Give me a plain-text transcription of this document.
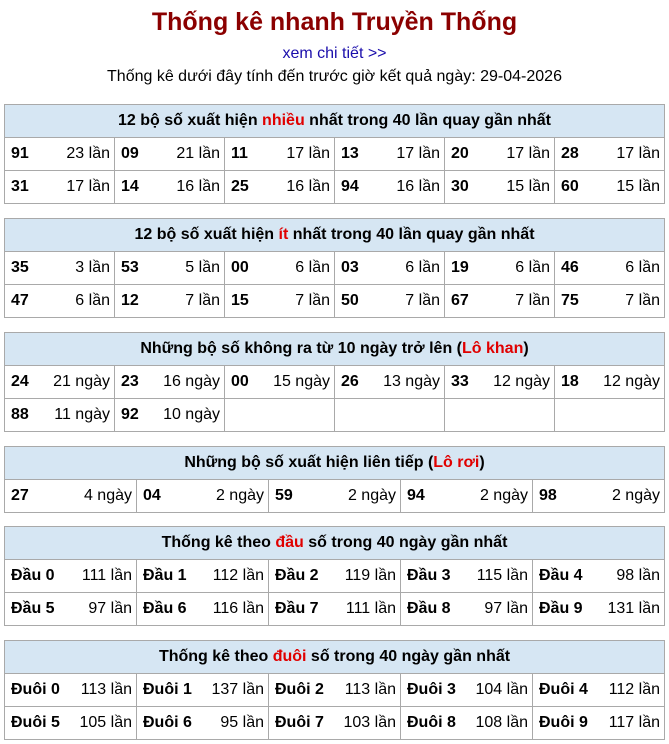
Thống kê nhanh Truyền Thống
xem chi tiết >>
Thống kê dưới đây tính đến trước giờ kết quả ngày: 29-04-2026
12 bộ số xuất hiện nhiều nhất trong 40 lần quay gần nhất					

91 23 lần	09 21 lần	11 17 lần	13 17 lần	20 17 lần	28 17 lần

31 17 lần	14 16 lần	25 16 lần	94 16 lần	30 15 lần	60 15 lần
12 bộ số xuất hiện ít nhất trong 40 lần quay gần nhất					

35 3 lần	53 5 lần	00 6 lần	03 6 lần	19 6 lần	46 6 lần

47 6 lần	12 7 lần	15 7 lần	50 7 lần	67 7 lần	75 7 lần
Những bộ số không ra từ 10 ngày trở lên (Lô khan)					

24 21 ngày	23 16 ngày	00 15 ngày	26 13 ngày	33 12 ngày	18 12 ngày

88 11 ngày	92 10 ngày				

Những bộ số xuất hiện liên tiếp (Lô rơi)

27	4 ngày	04	2 ngày	59	2 ngày	94	2 ngày	98	2 ngày
Thống kê theo đầu số trong 40 ngày gần nhất				

Đầu 0 111 lần	Đầu 1 112 lần	Đầu 2 119 lần	Đầu 3 115 lần	Đầu 4 98 lần

Đầu 5 97 lần	Đầu 6 116 lần	Đầu 7 111 lần	Đầu 8 97 lần	Đầu 9 131 lần
Thống kê theo đuôi số trong 40 ngày gần nhất				

Đuôi 0 113 lần	Đuôi 1 137 lần	Đuôi 2 113 lần	Đuôi 3 104 lần	Đuôi 4 112 lần

Đuôi 5 105 lần	Đuôi 6 95 lần	Đuôi 7 103 lần	Đuôi 8 108 lần	Đuôi 9 117 lần
